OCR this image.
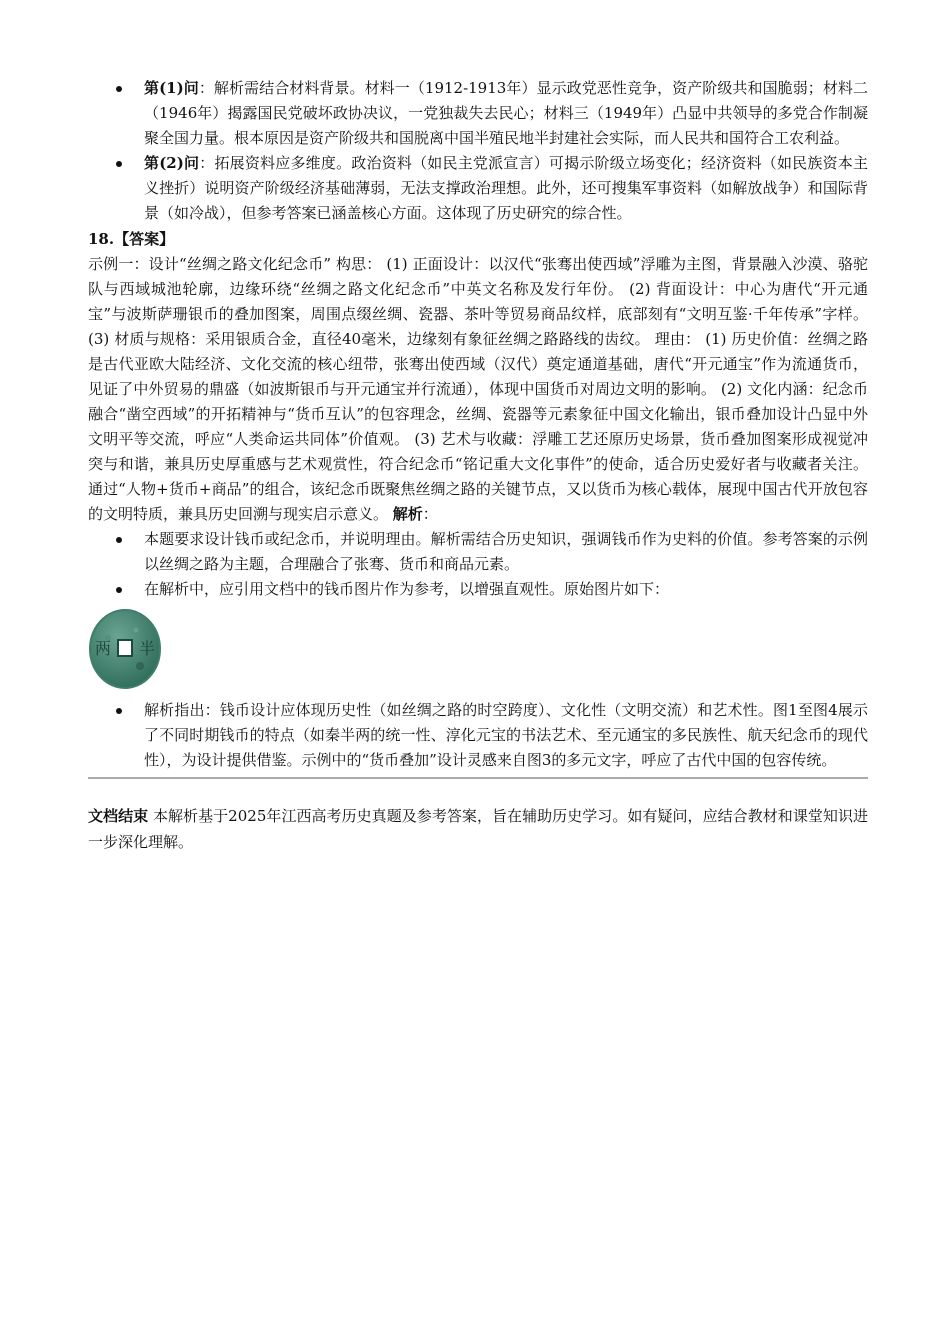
第(1)问：解析需结合材料背景。材料一（1912-1913年）显示政党恶性竞争，资产阶级共和国脆弱；材料二（1946年）揭露国民党破坏政协决议，一党独裁失去民心；材料三（1949年）凸显中共领导的多党合作制凝聚全国力量。根本原因是资产阶级共和国脱离中国半殖民地半封建社会实际，而人民共和国符合工农利益。
第(2)问：拓展资料应多维度。政治资料（如民主党派宣言）可揭示阶级立场变化；经济资料（如民族资本主义挫折）说明资产阶级经济基础薄弱，无法支撑政治理想。此外，还可搜集军事资料（如解放战争）和国际背景（如冷战），但参考答案已涵盖核心方面。这体现了历史研究的综合性。
18.【答案】
示例一：设计“丝绸之路文化纪念币” 构思： (1) 正面设计：以汉代“张骞出使西域”浮雕为主图，背景融入沙漠、骆驼队与西域城池轮廓，边缘环绕“丝绸之路文化纪念币”中英文名称及发行年份。 (2) 背面设计：中心为唐代“开元通宝”与波斯萨珊银币的叠加图案，周围点缀丝绸、瓷器、茶叶等贸易商品纹样，底部刻有“文明互鉴·千年传承”字样。 (3) 材质与规格：采用银质合金，直径40毫米，边缘刻有象征丝绸之路路线的齿纹。 理由： (1) 历史价值：丝绸之路是古代亚欧大陆经济、文化交流的核心纽带，张骞出使西域（汉代）奠定通道基础，唐代“开元通宝”作为流通货币，见证了中外贸易的鼎盛（如波斯银币与开元通宝并行流通），体现中国货币对周边文明的影响。 (2) 文化内涵：纪念币融合“凿空西域”的开拓精神与“货币互认”的包容理念，丝绸、瓷器等元素象征中国文化输出，银币叠加设计凸显中外文明平等交流，呼应“人类命运共同体”价值观。 (3) 艺术与收藏：浮雕工艺还原历史场景，货币叠加图案形成视觉冲突与和谐，兼具历史厚重感与艺术观赏性，符合纪念币“铭记重大文化事件”的使命，适合历史爱好者与收藏者关注。通过“人物+货币+商品”的组合，该纪念币既聚焦丝绸之路的关键节点，又以货币为核心载体，展现中国古代开放包容的文明特质，兼具历史回溯与现实启示意义。 解析：
本题要求设计钱币或纪念币，并说明理由。解析需结合历史知识，强调钱币作为史料的价值。参考答案的示例以丝绸之路为主题，合理融合了张骞、货币和商品元素。
在解析中，应引用文档中的钱币图片作为参考，以增强直观性。原始图片如下：
两 半
解析指出：钱币设计应体现历史性（如丝绸之路的时空跨度）、文化性（文明交流）和艺术性。图1至图4展示了不同时期钱币的特点（如秦半两的统一性、淳化元宝的书法艺术、至元通宝的多民族性、航天纪念币的现代性），为设计提供借鉴。示例中的“货币叠加”设计灵感来自图3的多元文字，呼应了古代中国的包容传统。
文档结束 本解析基于2025年江西高考历史真题及参考答案，旨在辅助历史学习。如有疑问，应结合教材和课堂知识进一步深化理解。
